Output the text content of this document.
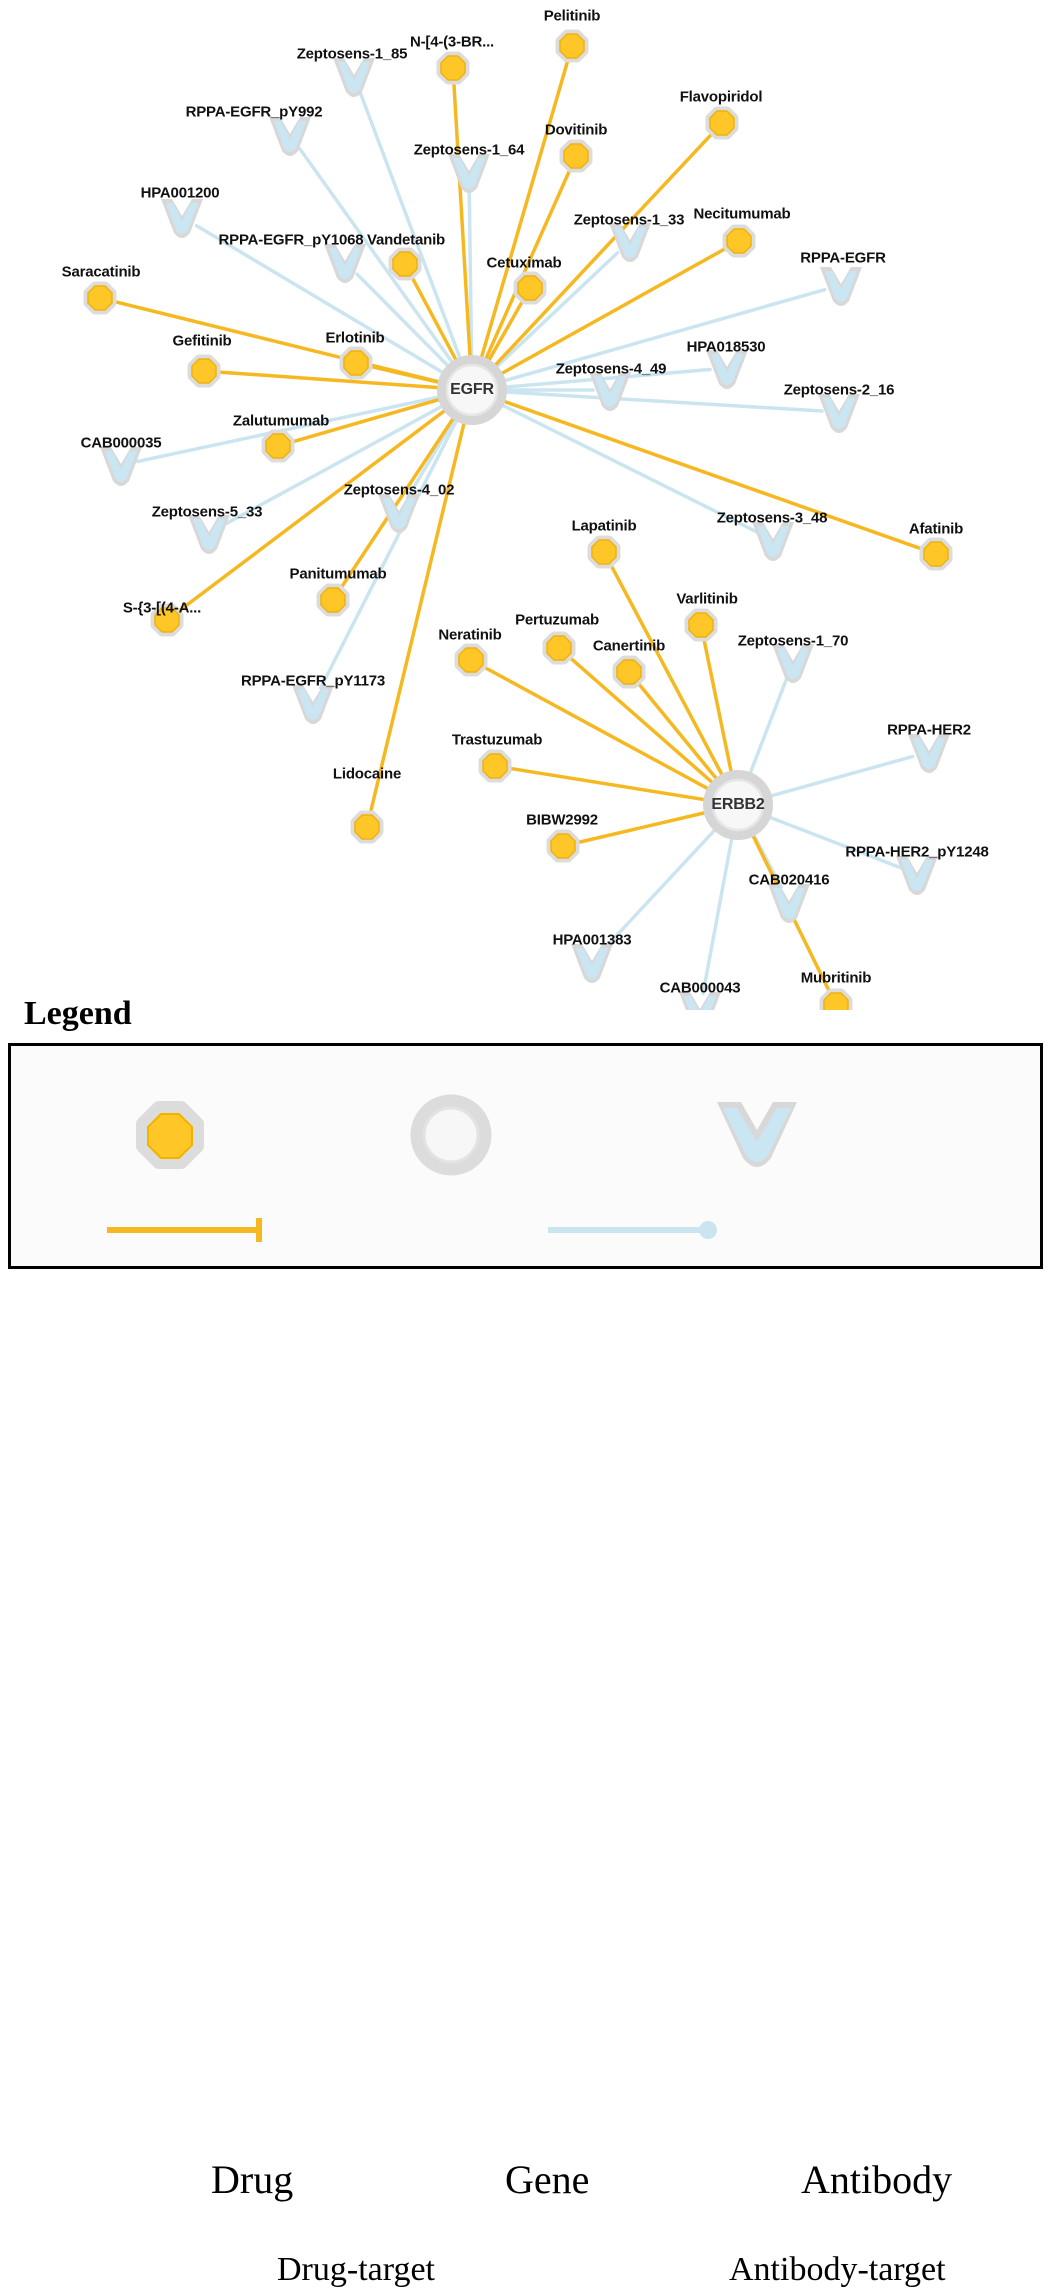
Zeptosens-1_85
RPPA-EGFR_pY992
Zeptosens-1_64
HPA001200
Zeptosens-1_33
RPPA-EGFR_pY1068
RPPA-EGFR
HPA018530
Zeptosens-4_49
Zeptosens-2_16
CAB000035
Zeptosens-4_02
Zeptosens-5_33	Zeptosens-3_48
Zeptosens-1_70
RPPA-EGFR_pY1173
RPPA-HER2
RPPA-HER2_pY1248
CAB020416
HPA001383
CAB000043
Pelitinib
N-[4-(3-BR...
Flavopiridol
Dovitinib
Necitumumab
Vandetanib
Cetuximab
Saracatinib
Erlotinib
Gefitinib
Zalutumumab
Afatinib
Lapatinib
Panitumumab
Varlitinib
S-{3-[(4-A...
Pertuzumab
Neratinib
Canertinib
Trastuzumab
Lidocaine
BIBW2992
Mubritinib
EGFR
ERBB2
Legend
Drug	Gene	Antibody
Drug-target	Antibody-target
